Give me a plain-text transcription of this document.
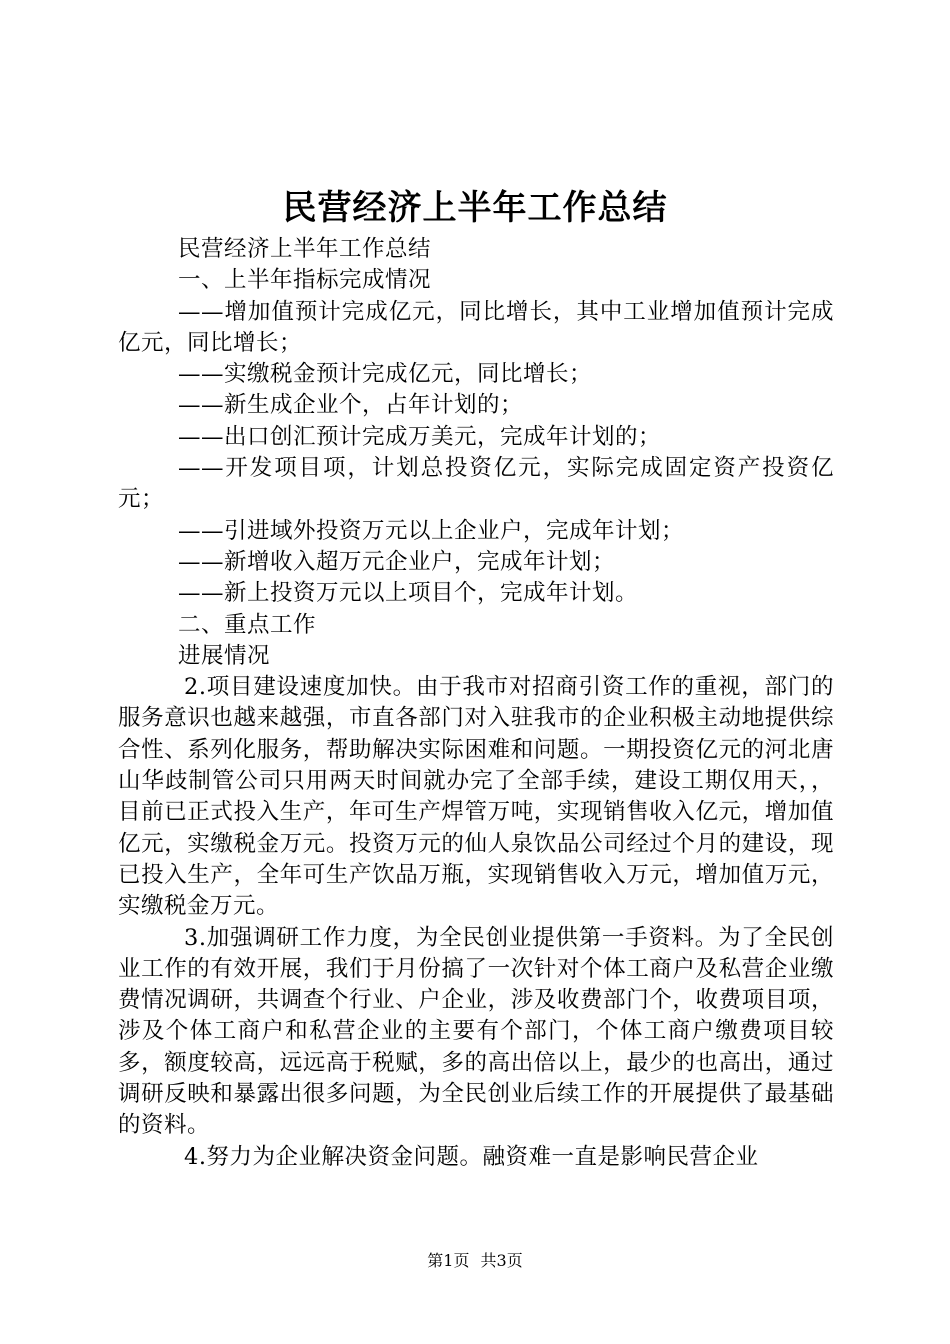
民营经济上半年工作总结

民营经济上半年工作总结

一、上半年指标完成情况

——增加值预计完成亿元，同比增长，其中工业增加值预计完成亿元，同比增长；

——实缴税金预计完成亿元，同比增长；

——新生成企业个，占年计划的；

——出口创汇预计完成万美元，完成年计划的；

——开发项目项，计划总投资亿元，实际完成固定资产投资亿元；

——引进域外投资万元以上企业户，完成年计划；

——新增收入超万元企业户，完成年计划；

——新上投资万元以上项目个，完成年计划。

二、重点工作

进展情况

2.项目建设速度加快。由于我市对招商引资工作的重视，部门的服务意识也越来越强，市直各部门对入驻我市的企业积极主动地提供综合性、系列化服务，帮助解决实际困难和问题。一期投资亿元的河北唐山华歧制管公司只用两天时间就办完了全部手续，建设工期仅用天，，目前已正式投入生产，年可生产焊管万吨，实现销售收入亿元，增加值亿元，实缴税金万元。投资万元的仙人泉饮品公司经过个月的建设，现已投入生产，全年可生产饮品万瓶，实现销售收入万元，增加值万元，实缴税金万元。

3.加强调研工作力度，为全民创业提供第一手资料。为了全民创业工作的有效开展，我们于月份搞了一次针对个体工商户及私营企业缴费情况调研，共调查个行业、户企业，涉及收费部门个，收费项目项，涉及个体工商户和私营企业的主要有个部门，个体工商户缴费项目较多，额度较高，远远高于税赋，多的高出倍以上，最少的也高出，通过调研反映和暴露出很多问题，为全民创业后续工作的开展提供了最基础的资料。

4.努力为企业解决资金问题。融资难一直是影响民营企业

第1页 共3页
